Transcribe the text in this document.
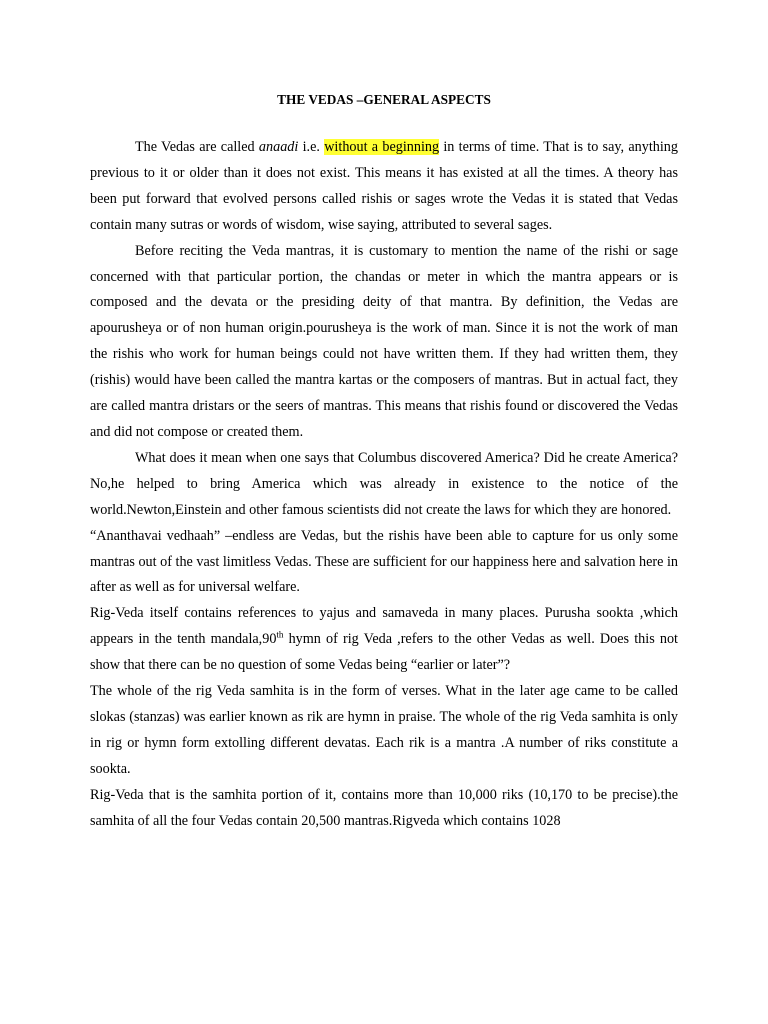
THE VEDAS –GENERAL ASPECTS

The Vedas are called anaadi i.e. without a beginning in terms of time. That is to say, anything previous to it or older than it does not exist. This means it has existed at all the times. A theory has been put forward that evolved persons called rishis or sages wrote the Vedas it is stated that Vedas contain many sutras or words of wisdom, wise saying, attributed to several sages.

Before reciting the Veda mantras, it is customary to mention the name of the rishi or sage concerned with that particular portion, the chandas or meter in which the mantra appears or is composed and the devata or the presiding deity of that mantra. By definition, the Vedas are apourusheya or of non human origin.pourusheya is the work of man. Since it is not the work of man the rishis who work for human beings could not have written them. If they had written them, they (rishis) would have been called the mantra kartas or the composers of mantras. But in actual fact, they are called mantra dristars or the seers of mantras. This means that rishis found or discovered the Vedas and did not compose or created them.

What does it mean when one says that Columbus discovered America? Did he create America?No,he helped to bring America which was already in existence to the notice of the world.Newton,Einstein and other famous scientists did not create the laws for which they are honored.

“Ananthavai vedhaah” –endless are Vedas, but the rishis have been able to capture for us only some mantras out of the vast limitless Vedas. These are sufficient for our happiness here and salvation here in after as well as for universal welfare.

Rig-Veda itself contains references to yajus and samaveda in many places. Purusha sookta ,which appears in the tenth mandala,90th hymn of rig Veda ,refers to the other Vedas as well. Does this not show that there can be no question of some Vedas being “earlier or later”?

The whole of the rig Veda samhita is in the form of verses. What in the later age came to be called slokas (stanzas) was earlier known as rik are hymn in praise. The whole of the rig Veda samhita is only in rig or hymn form extolling different devatas. Each rik is a mantra .A number of riks constitute a sookta.

Rig-Veda that is the samhita portion of it, contains more than 10,000 riks (10,170 to be precise).the samhita of all the four Vedas contain 20,500 mantras.Rigveda which contains 1028
